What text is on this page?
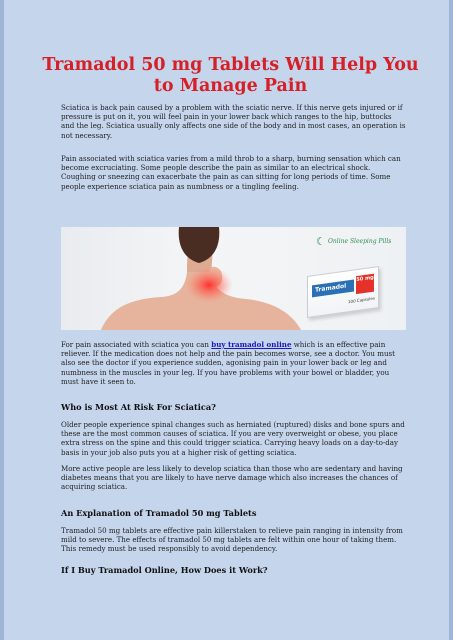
Tramadol 50 mg Tablets Will Help You to Manage Pain

Sciatica is back pain caused by a problem with the sciatic nerve. If this nerve gets injured or if pressure is put on it, you will feel pain in your lower back which ranges to the hip, buttocks and the leg. Sciatica usually only affects one side of the body and in most cases, an operation is not necessary.

Pain associated with sciatica varies from a mild throb to a sharp, burning sensation which can become excruciating. Some people describe the pain as similar to an electrical shock. Coughing or sneezing can exacerbate the pain as can sitting for long periods of time. Some people experience sciatica pain as numbness or a tingling feeling.

☾ Online Sleeping Pills
Tramadol
50 mg
100 Capsules

For pain associated with sciatica you can buy tramadol online which is an effective pain reliever. If the medication does not help and the pain becomes worse, see a doctor. You must also see the doctor if you experience sudden, agonising pain in your lower back or leg and numbness in the muscles in your leg. If you have problems with your bowel or bladder, you must have it seen to.

Who is Most At Risk For Sciatica?

Older people experience spinal changes such as herniated (ruptured) disks and bone spurs and these are the most common causes of sciatica. If you are very overweight or obese, you place extra stress on the spine and this could trigger sciatica. Carrying heavy loads on a day-to-day basis in your job also puts you at a higher risk of getting sciatica.

More active people are less likely to develop sciatica than those who are sedentary and having diabetes means that you are likely to have nerve damage which also increases the chances of acquiring sciatica.

An Explanation of Tramadol 50 mg Tablets

Tramadol 50 mg tablets are effective pain killerstaken to relieve pain ranging in intensity from mild to severe. The effects of tramadol 50 mg tablets are felt within one hour of taking them. This remedy must be used responsibly to avoid dependency.

If I Buy Tramadol Online, How Does it Work?
